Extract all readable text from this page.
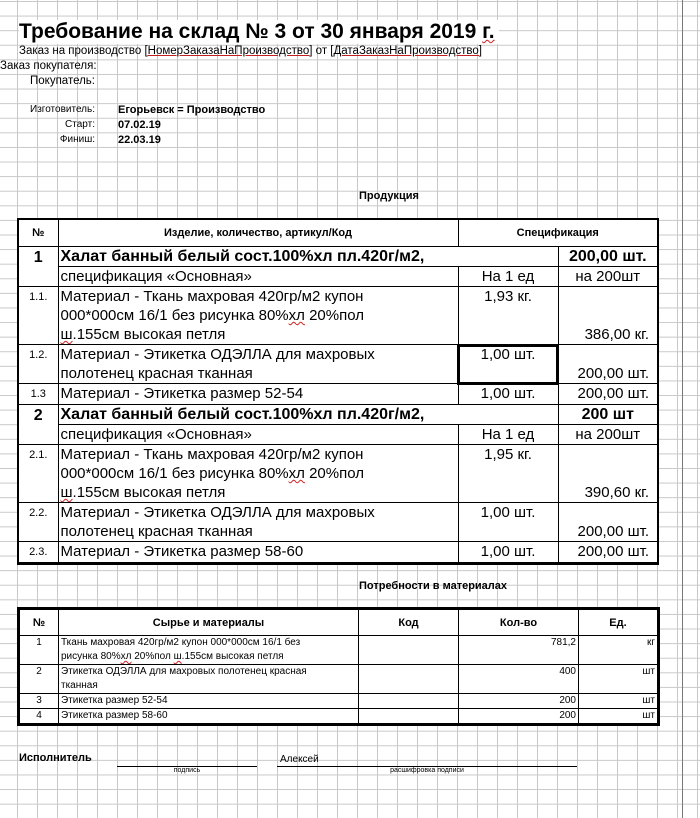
Требование на склад № 3 от 30 января 2019 г.
Заказ на производство [НомерЗаказаНаПроизводство] от [ДатаЗаказНаПроизводство]
Заказ покупателя:
Покупатель:
Изготовитель: Егорьевск = Производство
Старт: 07.02.19
Финиш: 22.03.19
Продукция
№	Изделие, количество, артикул/Код	Спецификация	
1	Халат банный белый сост.100%хл пл.420г/м2,		200,00 шт.
	спецификация «Основная»	На 1 ед	на 200шт
1.1.	Материал - Ткань махровая 420гр/м2 купон
000*000см 16/1 без рисунка 80%хл 20%пол
ш.155см высокая петля	1,93 кг.	386,00 кг.
1.2.	Материал - Этикетка ОДЭЛЛА для махровых
полотенец красная тканная	1,00 шт.	200,00 шт.
1.3	Материал - Этикетка размер 52-54	1,00 шт.	200,00 шт.
2	Халат банный белый сост.100%хл пл.420г/м2,		200 шт
	спецификация «Основная»	На 1 ед	на 200шт
2.1.	Материал - Ткань махровая 420гр/м2 купон
000*000см 16/1 без рисунка 80%хл 20%пол
ш.155см высокая петля	1,95 кг.	390,60 кг.
2.2.	Материал - Этикетка ОДЭЛЛА для махровых
полотенец красная тканная	1,00 шт.	200,00 шт.
2.3.	Материал - Этикетка размер 58-60	1,00 шт.	200,00 шт.
Потребности в материалах
№	Сырье и материалы	Код	Кол-во	Ед.
1	Ткань махровая 420гр/м2 купон 000*000см 16/1 без
рисунка 80%хл 20%пол ш.155см высокая петля		781,2	кг
2	Этикетка ОДЭЛЛА для махровых полотенец красная
тканная		400	шт
3	Этикетка размер 52-54		200	шт
4	Этикетка размер 58-60		200	шт
Исполнитель
подпись
Алексей
расшифровка подписи
